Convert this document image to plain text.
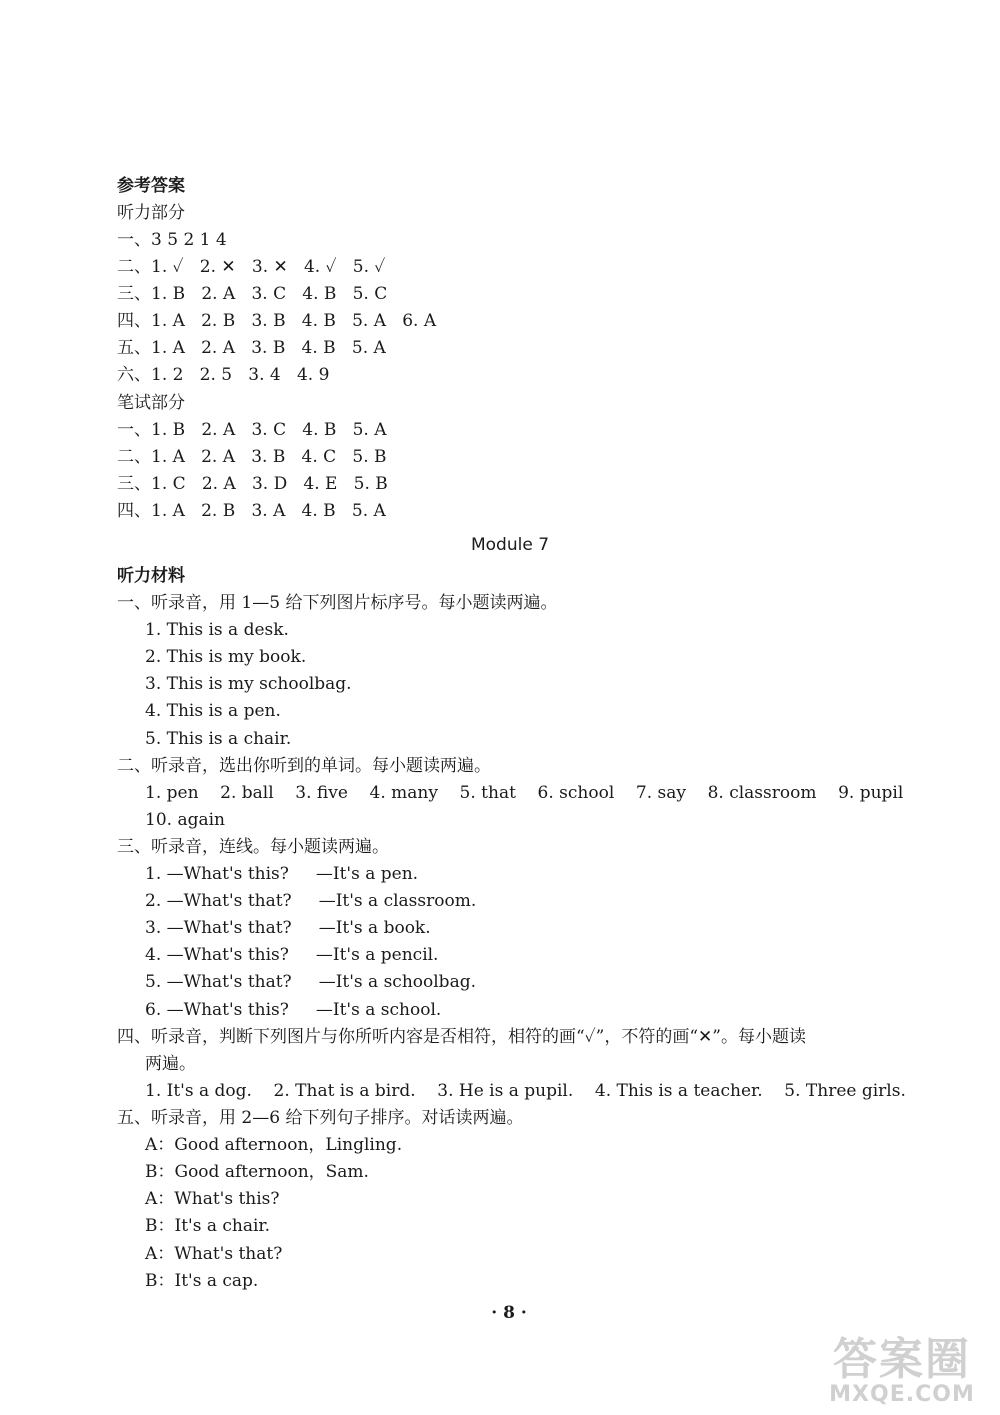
参考答案
听力部分
一、3 5 2 1 4
二、1. ✓   2. ✕   3. ✕   4. ✓   5. ✓
三、1. B   2. A   3. C   4. B   5. C
四、1. A   2. B   3. B   4. B   5. A   6. A
五、1. A   2. A   3. B   4. B   5. A
六、1. 2   2. 5   3. 4   4. 9
笔试部分
一、1. B   2. A   3. C   4. B   5. A
二、1. A   2. A   3. B   4. C   5. B
三、1. C   2. A   3. D   4. E   5. B
四、1. A   2. B   3. A   4. B   5. A
Module 7
听力材料
一、听录音，用 1—5 给下列图片标序号。每小题读两遍。
1. This is a desk.
2. This is my book.
3. This is my schoolbag.
4. This is a pen.
5. This is a chair.
二、听录音，选出你听到的单词。每小题读两遍。
1. pen    2. ball    3. five    4. many    5. that    6. school    7. say    8. classroom    9. pupil
10. again
三、听录音，连线。每小题读两遍。
1. —What's this?     —It's a pen.
2. —What's that?     —It's a classroom.
3. —What's that?     —It's a book.
4. —What's this?     —It's a pencil.
5. —What's that?     —It's a schoolbag.
6. —What's this?     —It's a school.
四、听录音，判断下列图片与你所听内容是否相符，相符的画“✓”，不符的画“✕”。每小题读
两遍。
1. It's a dog.    2. That is a bird.    3. He is a pupil.    4. This is a teacher.    5. Three girls.
五、听录音，用 2—6 给下列句子排序。对话读两遍。
A：Good afternoon，Lingling.
B：Good afternoon，Sam.
A：What's this?
B：It's a chair.
A：What's that?
B：It's a cap.
· 8 ·
答案圈
MXQE.COM
